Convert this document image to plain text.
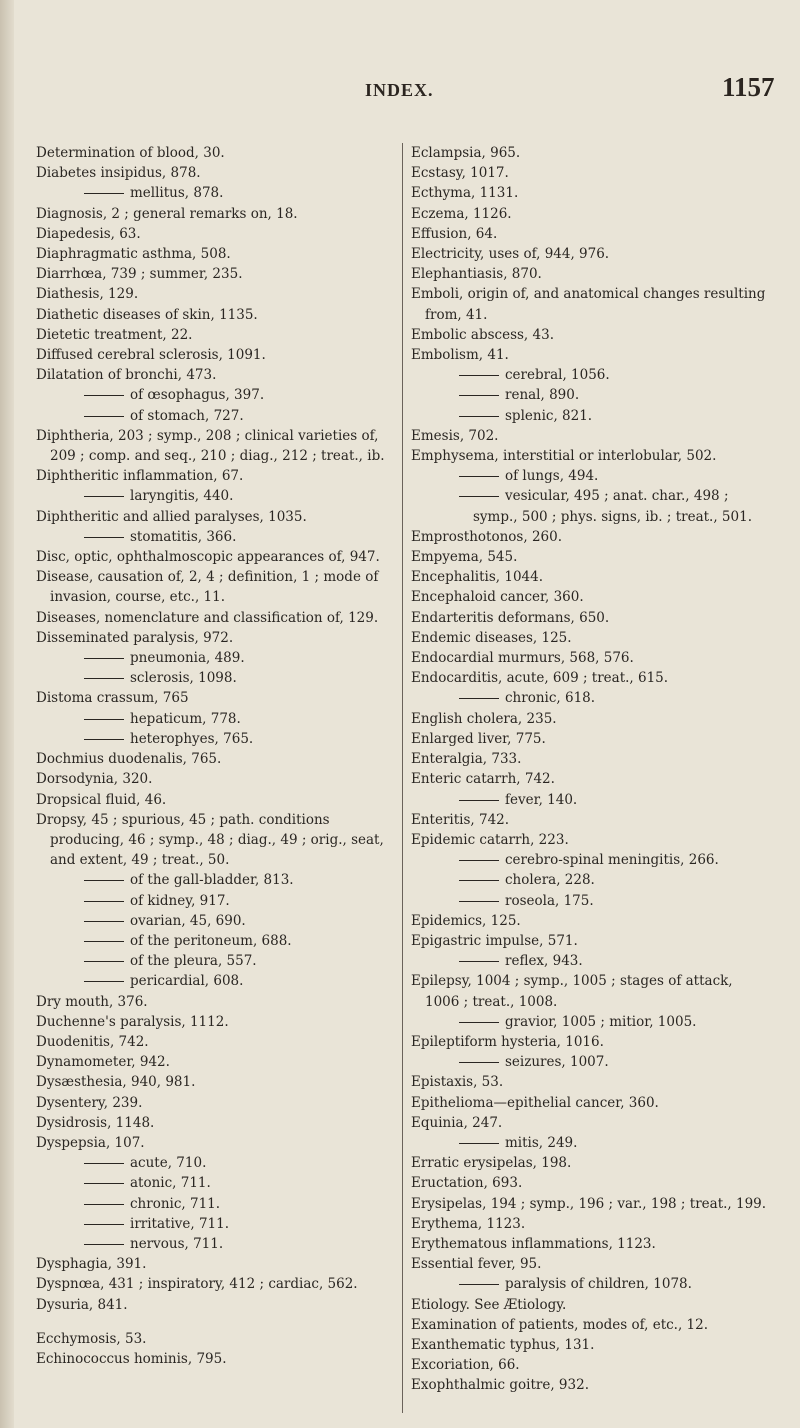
INDEX.	1157
Determination of blood, 30.
Diabetes insipidus, 878.
mellitus, 878.
Diagnosis, 2 ; general remarks on, 18.
Diapedesis, 63.
Diaphragmatic asthma, 508.
Diarrhœa, 739 ; summer, 235.
Diathesis, 129.
Diathetic diseases of skin, 1135.
Dietetic treatment, 22.
Diffused cerebral sclerosis, 1091.
Dilatation of bronchi, 473.
of œsophagus, 397.
of stomach, 727.
Diphtheria, 203 ; symp., 208 ; clinical varieties of, 209 ; comp. and seq., 210 ; diag., 212 ; treat., ib.
Diphtheritic inflammation, 67.
laryngitis, 440.
Diphtheritic and allied paralyses, 1035.
stomatitis, 366.
Disc, optic, ophthalmoscopic appearances of, 947.
Disease, causation of, 2, 4 ; definition, 1 ; mode of invasion, course, etc., 11.
Diseases, nomenclature and classification of, 129.
Disseminated paralysis, 972.
pneumonia, 489.
sclerosis, 1098.
Distoma crassum, 765
hepaticum, 778.
heterophyes, 765.
Dochmius duodenalis, 765.
Dorsodynia, 320.
Dropsical fluid, 46.
Dropsy, 45 ; spurious, 45 ; path. conditions producing, 46 ; symp., 48 ; diag., 49 ; orig., seat, and extent, 49 ; treat., 50.
of the gall-bladder, 813.
of kidney, 917.
ovarian, 45, 690.
of the peritoneum, 688.
of the pleura, 557.
pericardial, 608.
Dry mouth, 376.
Duchenne's paralysis, 1112.
Duodenitis, 742.
Dynamometer, 942.
Dysæsthesia, 940, 981.
Dysentery, 239.
Dysidrosis, 1148.
Dyspepsia, 107.
acute, 710.
atonic, 711.
chronic, 711.
irritative, 711.
nervous, 711.
Dysphagia, 391.
Dyspnœa, 431 ; inspiratory, 412 ; cardiac, 562.
Dysuria, 841.
Ecchymosis, 53.
Echinococcus hominis, 795.
Eclampsia, 965.
Ecstasy, 1017.
Ecthyma, 1131.
Eczema, 1126.
Effusion, 64.
Electricity, uses of, 944, 976.
Elephantiasis, 870.
Emboli, origin of, and anatomical changes resulting from, 41.
Embolic abscess, 43.
Embolism, 41.
cerebral, 1056.
renal, 890.
splenic, 821.
Emesis, 702.
Emphysema, interstitial or interlobular, 502.
of lungs, 494.
vesicular, 495 ; anat. char., 498 ; symp., 500 ; phys. signs, ib. ; treat., 501.
Emprosthotonos, 260.
Empyema, 545.
Encephalitis, 1044.
Encephaloid cancer, 360.
Endarteritis deformans, 650.
Endemic diseases, 125.
Endocardial murmurs, 568, 576.
Endocarditis, acute, 609 ; treat., 615.
chronic, 618.
English cholera, 235.
Enlarged liver, 775.
Enteralgia, 733.
Enteric catarrh, 742.
fever, 140.
Enteritis, 742.
Epidemic catarrh, 223.
cerebro-spinal meningitis, 266.
cholera, 228.
roseola, 175.
Epidemics, 125.
Epigastric impulse, 571.
reflex, 943.
Epilepsy, 1004 ; symp., 1005 ; stages of attack, 1006 ; treat., 1008.
gravior, 1005 ; mitior, 1005.
Epileptiform hysteria, 1016.
seizures, 1007.
Epistaxis, 53.
Epithelioma—epithelial cancer, 360.
Equinia, 247.
mitis, 249.
Erratic erysipelas, 198.
Eructation, 693.
Erysipelas, 194 ; symp., 196 ; var., 198 ; treat., 199.
Erythema, 1123.
Erythematous inflammations, 1123.
Essential fever, 95.
paralysis of children, 1078.
Etiology. See Ætiology.
Examination of patients, modes of, etc., 12.
Exanthematic typhus, 131.
Excoriation, 66.
Exophthalmic goitre, 932.
